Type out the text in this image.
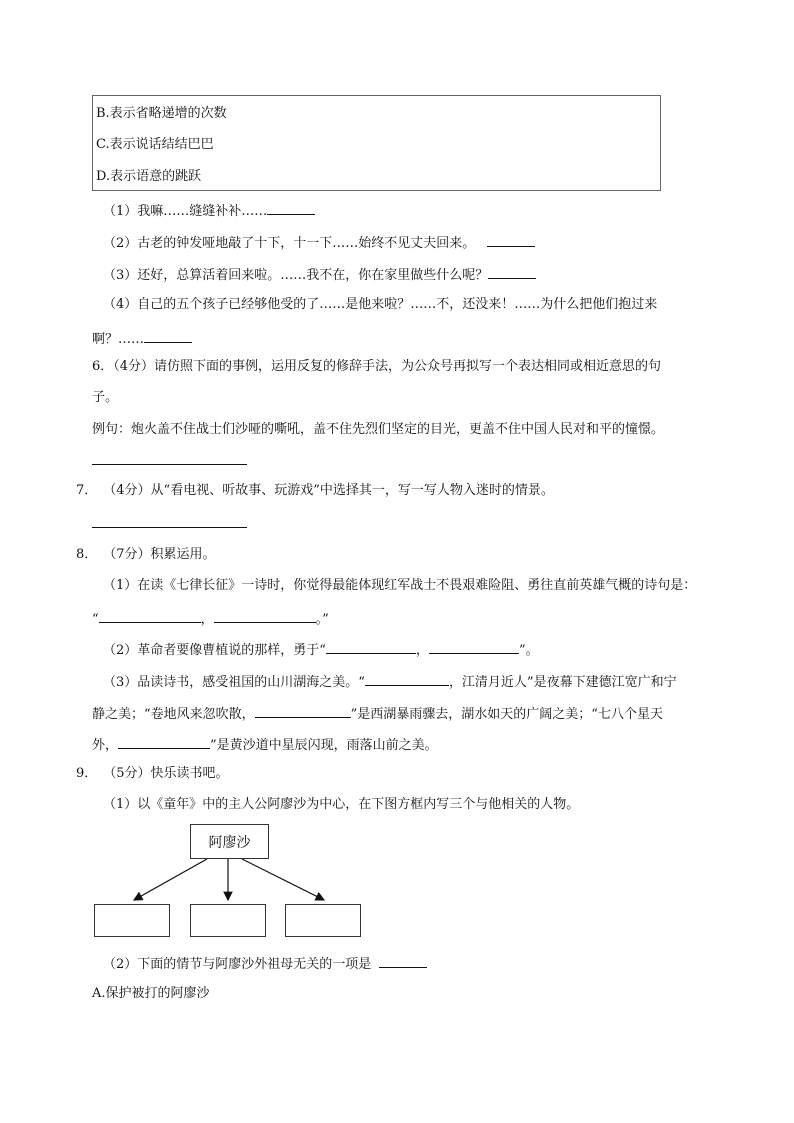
B.表示省略递增的次数
C.表示说话结结巴巴
D.表示语意的跳跃
（1）我嘛……缝缝补补……
（2）古老的钟发哑地敲了十下，十一下……始终不见丈夫回来。
（3）还好，总算活着回来啦。……我不在，你在家里做些什么呢？
（4）自己的五个孩子已经够他受的了……是他来啦？……不，还没来！……为什么把他们抱过来
啊？……
6．（4分）请仿照下面的事例，运用反复的修辞手法，为公众号再拟写一个表达相同或相近意思的句
子。
例句：炮火盖不住战士们沙哑的嘶吼，盖不住先烈们坚定的目光，更盖不住中国人民对和平的憧憬。
7． （4分）从“看电视、听故事、玩游戏”中选择其一，写一写人物入迷时的情景。
8． （7分）积累运用。
（1）在读《七律长征》一诗时，你觉得最能体现红军战士不畏艰难险阻、勇往直前英雄气概的诗句是：
“	，	。”
（2）革命者要像曹植说的那样，勇于“	，	”。
（3）品读诗书，感受祖国的山川湖海之美。“	，江清月近人”是夜幕下建德江宽广和宁
静之美；“卷地风来忽吹散，	”是西湖暴雨骤去，湖水如天的广阔之美；“七八个星天
外，	”是黄沙道中星辰闪现，雨落山前之美。
9． （5分）快乐读书吧。
（1）以《童年》中的主人公阿廖沙为中心，在下图方框内写三个与他相关的人物。
阿廖沙
（2）下面的情节与阿廖沙外祖母无关的一项是
A.保护被打的阿廖沙
